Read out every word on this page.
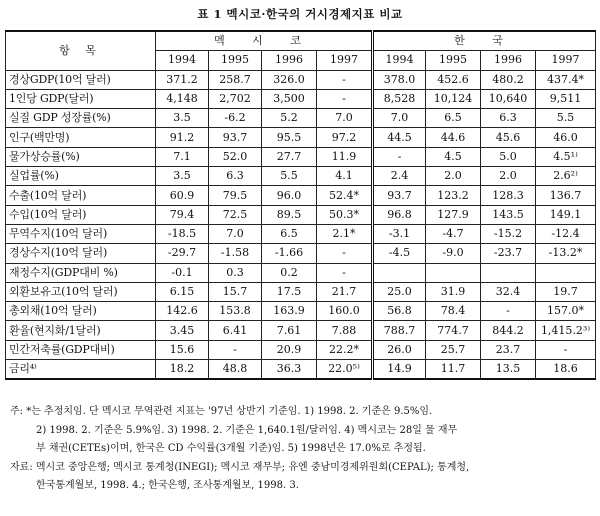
표 1 멕시코·한국의 거시경제지표 비교
항 목	멕 시 코				한 국			
	1994	1995	1996	1997	1994	1995	1996	1997
경상GDP(10억 달러)	371.2	258.7	326.0	-	378.0	452.6	480.2	437.4*
1인당 GDP(달러)	4,148	2,702	3,500	-	8,528	10,124	10,640	9,511
실질 GDP 성장률(%)	3.5	-6.2	5.2	7.0	7.0	6.5	6.3	5.5
인구(백만명)	91.2	93.7	95.5	97.2	44.5	44.6	45.6	46.0
물가상승률(%)	7.1	52.0	27.7	11.9	-	4.5	5.0	4.5¹⁾
실업률(%)	3.5	6.3	5.5	4.1	2.4	2.0	2.0	2.6²⁾
수출(10억 달러)	60.9	79.5	96.0	52.4*	93.7	123.2	128.3	136.7
수입(10억 달러)	79.4	72.5	89.5	50.3*	96.8	127.9	143.5	149.1
무역수지(10억 달러)	-18.5	7.0	6.5	2.1*	-3.1	-4.7	-15.2	-12.4
경상수지(10억 달러)	-29.7	-1.58	-1.66	-	-4.5	-9.0	-23.7	-13.2*
재정수지(GDP대비 %)	-0.1	0.3	0.2	-				
외환보유고(10억 달러)	6.15	15.7	17.5	21.7	25.0	31.9	32.4	19.7
총외채(10억 달러)	142.6	153.8	163.9	160.0	56.8	78.4	-	157.0*
환율(현지화/1달러)	3.45	6.41	7.61	7.88	788.7	774.7	844.2	1,415.2³⁾
민간저축률(GDP대비)	15.6	-	20.9	22.2*	26.0	25.7	23.7	-
금리⁴⁾	18.2	48.8	36.3	22.0⁵⁾	14.9	11.7	13.5	18.6

주: *는 추정치임. 단 멕시코 무역관련 지표는 '97년 상반기 기준임. 1) 1998. 2. 기준은 9.5%임.

2) 1998. 2. 기준은 5.9%임. 3) 1998. 2. 기준은 1,640.1원/달러임. 4) 멕시코는 28일 물 재무

부 채권(CETEs)이며, 한국은 CD 수익률(3개월 기준)임. 5) 1998년은 17.0%로 추정됨.

자료: 멕시코 중앙은행; 멕시코 통계청(INEGI); 멕시코 재무부; 유엔 중남미경제위원회(CEPAL); 통계청,

한국통계월보, 1998. 4.; 한국은행, 조사통계월보, 1998. 3.
